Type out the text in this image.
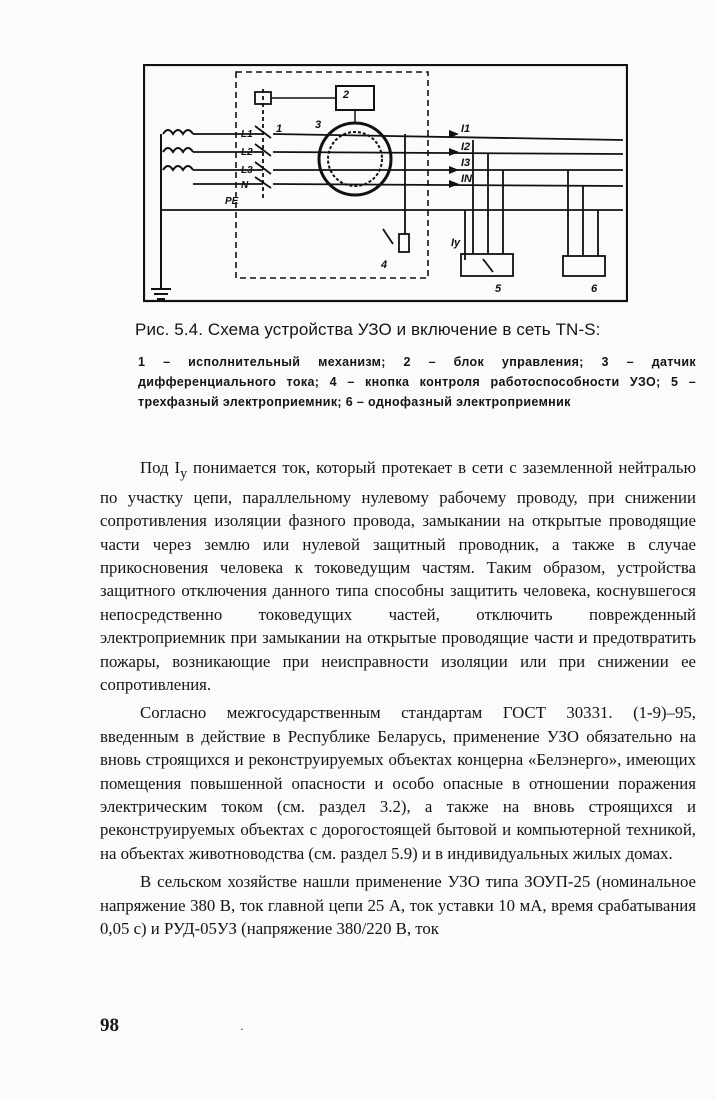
L1
L2
L3
N
PE
I1
I2
I3
IN
Iy
1
2
3
4
5	6
Рис. 5.4. Схема устройства УЗО и включение в сеть TN-S:
1 – исполнительный механизм; 2 – блок управления; 3 – датчик дифференциального тока; 4 – кнопка контроля работоспособности УЗО; 5 – трехфазный электроприемник; 6 – однофазный электроприемник

Под $I_у$ понимается ток, который протекает в сети с заземленной нейтралью по участку цепи, параллельному нулевому рабочему проводу, при снижении сопротивления изоляции фазного провода, замыкании на открытые проводящие части через землю или нулевой защитный проводник, а также в случае прикосновения человека к токоведущим частям. Таким образом, устройства защитного отключения данного типа способны защитить человека, коснувшегося непосредственно токоведущих частей, отключить поврежденный электроприемник при замыкании на открытые проводящие части и предотвратить пожары, возникающие при неисправности изоляции или при снижении ее сопротивления.

Согласно межгосударственным стандартам ГОСТ 30331. (1-9)–95, введенным в действие в Республике Беларусь, применение УЗО обязательно на вновь строящихся и реконструируемых объектах концерна «Белэнерго», имеющих помещения повышенной опасности и особо опасные в отношении поражения электрическим током (см. раздел 3.2), а также на вновь строящихся и реконструируемых объектах с дорогостоящей бытовой и компьютерной техникой, на объектах животноводства (см. раздел 5.9) и в индивидуальных жилых домах.

В сельском хозяйстве нашли применение УЗО типа ЗОУП-25 (номинальное напряжение 380 В, ток главной цепи 25 А, ток уставки 10 мА, время срабатывания 0,05 с) и РУД-05УЗ (напряжение 380/220 В, ток

98	·
